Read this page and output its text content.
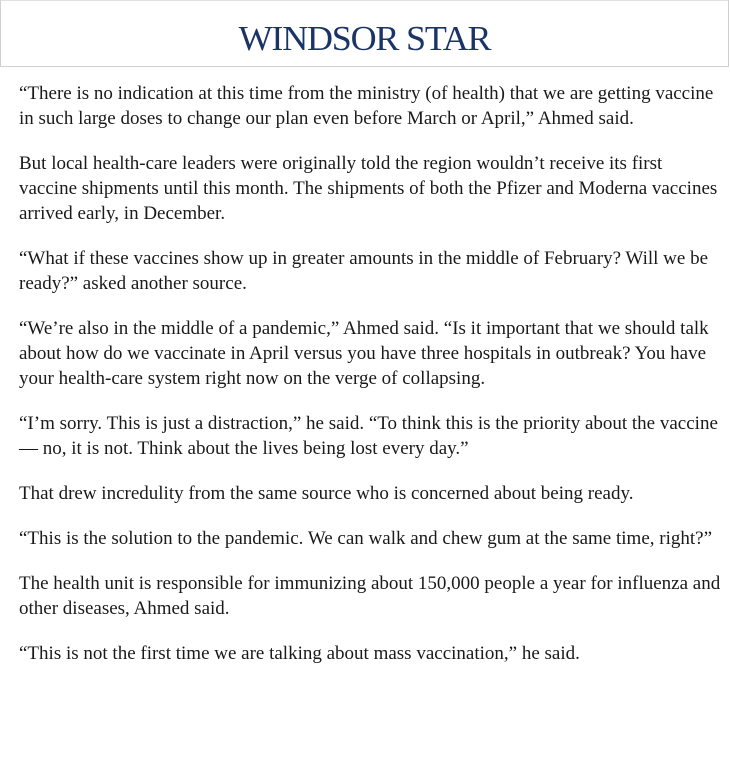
WINDSOR STAR

“There is no indication at this time from the ministry (of health) that we are getting vaccine in such large doses to change our plan even before March or April,” Ahmed said.

But local health-care leaders were originally told the region wouldn’t receive its first vaccine shipments until this month. The shipments of both the Pfizer and Moderna vaccines arrived early, in December.

“What if these vaccines show up in greater amounts in the middle of February? Will we be ready?” asked another source.

“We’re also in the middle of a pandemic,” Ahmed said. “Is it important that we should talk about how do we vaccinate in April versus you have three hospitals in outbreak? You have your health-care system right now on the verge of collapsing.

“I’m sorry. This is just a distraction,” he said. “To think this is the priority about the vaccine — no, it is not. Think about the lives being lost every day.”

That drew incredulity from the same source who is concerned about being ready.

“This is the solution to the pandemic. We can walk and chew gum at the same time, right?”

The health unit is responsible for immunizing about 150,000 people a year for influenza and other diseases, Ahmed said.

“This is not the first time we are talking about mass vaccination,” he said.
